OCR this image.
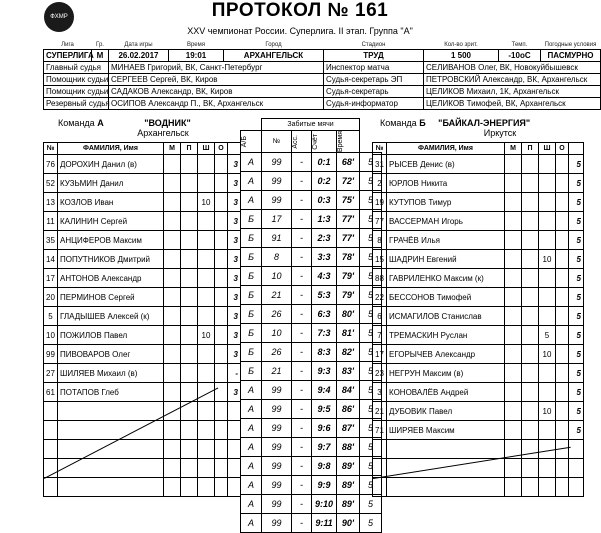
ФХМР	ПРОТОКОЛ № 161
XXV чемпионат России. Суперлига. II этап. Группа "А"
Лига	Гр.	Дата игры	Время	Город	Стадион	Кол-во зрит.	Темп.	Погодные условия
СУПЕРЛИГА	М	26.02.2017	19:01	АРХАНГЕЛЬСК	ТРУД	1 500	-10оС	ПАСМУРНО
Главный судья		МИНАЕВ Григорий, ВК, Санкт-Петербург			Инспектор матча	СЕЛИВАНОВ Олег, ВК, Новокуйбышевск		
Помощник судьи		СЕРГЕЕВ Сергей, ВК, Киров			Судья-секретарь ЭП	ПЕТРОВСКИЙ Александр, ВК, Архангельск		
Помощник судьи		САДАКОВ Александр, ВК, Киров			Судья-секретарь	ЦЕЛИКОВ Михаил, 1К, Архангельск		
Резервный судья		ОСИПОВ Александр П., ВК, Архангельск			Судья-информатор	ЦЕЛИКОВ Тимофей, ВК, Архангельск		
Команда А	"ВОДНИК"
Архангельск
Команда Б "БАЙКАЛ-ЭНЕРГИЯ"
Иркутск
№	ФАМИЛИЯ, Имя	М	П	Ш	О	
76	ДОРОХИН Данил (в)					3
52	КУЗЬМИН Данил					3
13	КОЗЛОВ Иван			10		3
11	КАЛИНИН Сергей					3
35	АНЦИФЕРОВ Максим					3
14	ПОПУТНИКОВ Дмитрий					3
17	АНТОНОВ Александр					3
20	ПЕРМИНОВ Сергей					3
5	ГЛАДЫШЕВ Алексей (к)					3
10	ПОЖИЛОВ Павел			10		3
99	ПИВОВАРОВ Олег					3
27	ШИЛЯЕВ Михаил (в)					-
61	ПОТАПОВ Глеб					3

	Забитые мячи					

А/Б	№	Асс.	Счёт	Время		

А	99	-	0:1	68'	5	
А	99	-	0:2	72'	5	
А	99	-	0:3	75'	5	
Б	17	-	1:3	77'	5	
Б	91	-	2:3	77'	5	
Б	8	-	3:3	78'	5	
Б	10	-	4:3	79'	5	
Б	21	-	5:3	79'	5	
Б	26	-	6:3	80'	5	
Б	10	-	7:3	81'	5	
Б	26	-	8:3	82'	5	
Б	21	-	9:3	83'	5	
А	99	-	9:4	84'	5	
А	99	-	9:5	86'	5	
А	99	-	9:6	87'	5	
А	99	-	9:7	88'	5	
А	99	-	9:8	89'	5	
А	99	-	9:9	89'	5	
А	99	-	9:10	89'	5	
А	99	-	9:11	90'	5	
№	ФАМИЛИЯ, Имя	М	П	Ш	О	
31	РЫСЕВ Денис (в)					5
2	ЮРЛОВ Никита					5
19	КУТУПОВ Тимур					5
77	ВАССЕРМАН Игорь					5
8	ГРАЧЁВ Илья					5
15	ШАДРИН Евгений			10		5
88	ГАВРИЛЕНКО Максим (к)					5
22	БЕССОНОВ Тимофей					5
6	ИСМАГИЛОВ Станислав					5
7	ТРЕМАСКИН Руслан			5		5
17	ЕГОРЫЧЕВ Александр			10		5
23	НЕГРУН Максим (в)					5
3	КОНОВАЛЁВ Андрей					5
21	ДУБОВИК Павел			10		5
71	ШИРЯЕВ Максим					5
